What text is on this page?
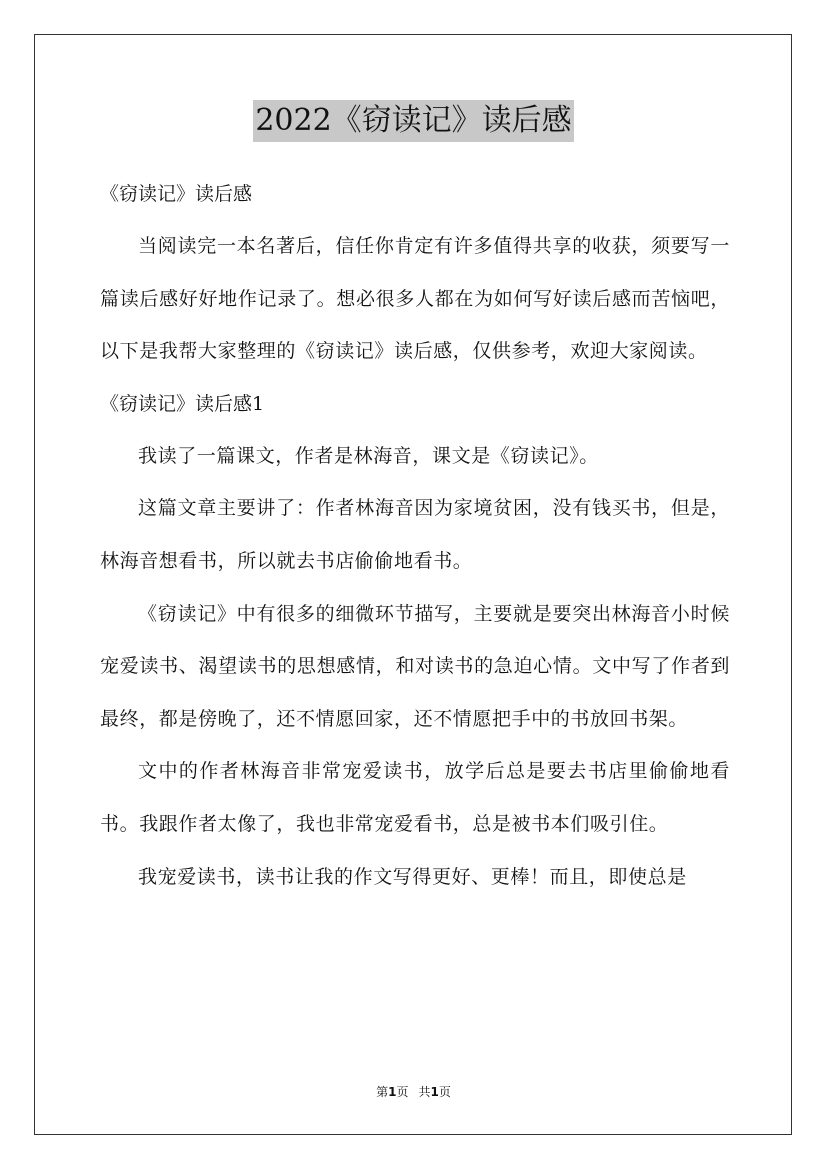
2022《窃读记》读后感

《窃读记》读后感

当阅读完一本名著后，信任你肯定有许多值得共享的收获，须要写一篇读后感好好地作记录了。想必很多人都在为如何写好读后感而苦恼吧，以下是我帮大家整理的《窃读记》读后感，仅供参考，欢迎大家阅读。

《窃读记》读后感1

我读了一篇课文，作者是林海音，课文是《窃读记》。

这篇文章主要讲了：作者林海音因为家境贫困，没有钱买书，但是，林海音想看书，所以就去书店偷偷地看书。

《窃读记》中有很多的细微环节描写，主要就是要突出林海音小时候宠爱读书、渴望读书的思想感情，和对读书的急迫心情。文中写了作者到最终，都是傍晚了，还不情愿回家，还不情愿把手中的书放回书架。

文中的作者林海音非常宠爱读书，放学后总是要去书店里偷偷地看书。我跟作者太像了，我也非常宠爱看书，总是被书本们吸引住。

我宠爱读书，读书让我的作文写得更好、更棒！而且，即使总是

第1页 共1页
